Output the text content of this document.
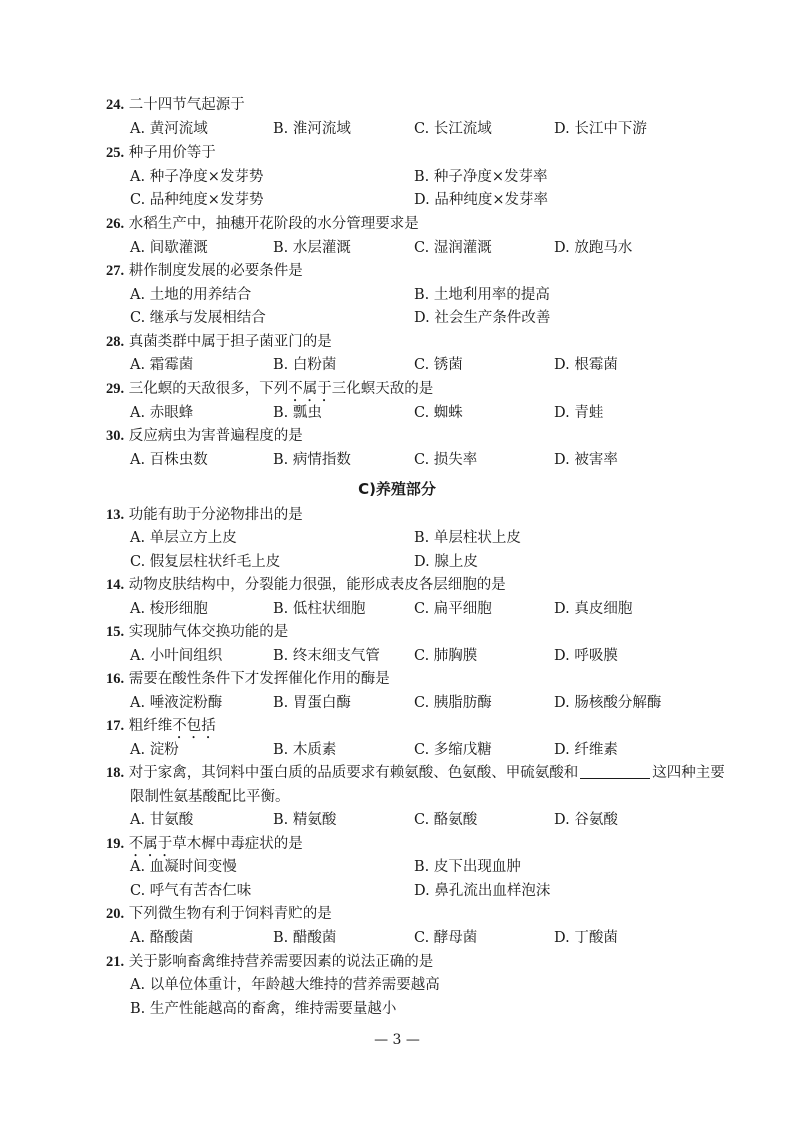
24. 二十四节气起源于
A. 黄河流域	B. 淮河流域	C. 长江流域	D. 长江中下游
25. 种子用价等于
A. 种子净度×发芽势	B. 种子净度×发芽率
C. 品种纯度×发芽势	D. 品种纯度×发芽率
26. 水稻生产中，抽穗开花阶段的水分管理要求是
A. 间歇灌溉	B. 水层灌溉	C. 湿润灌溉	D. 放跑马水
27. 耕作制度发展的必要条件是
A. 土地的用养结合	B. 土地利用率的提高
C. 继承与发展相结合	D. 社会生产条件改善
28. 真菌类群中属于担子菌亚门的是
A. 霜霉菌	B. 白粉菌	C. 锈菌	D. 根霉菌
29. 三化螟的天敌很多，下列不属于三化螟天敌的是
A. 赤眼蜂	B. 瓢虫	C. 蜘蛛	D. 青蛙
30. 反应病虫为害普遍程度的是
A. 百株虫数	B. 病情指数	C. 损失率	D. 被害率
C)养殖部分
13. 功能有助于分泌物排出的是
A. 单层立方上皮	B. 单层柱状上皮
C. 假复层柱状纤毛上皮	D. 腺上皮
14. 动物皮肤结构中，分裂能力很强，能形成表皮各层细胞的是
A. 梭形细胞	B. 低柱状细胞	C. 扁平细胞	D. 真皮细胞
15. 实现肺气体交换功能的是
A. 小叶间组织	B. 终末细支气管 C. 肺胸膜	D. 呼吸膜
16. 需要在酸性条件下才发挥催化作用的酶是
A. 唾液淀粉酶	B. 胃蛋白酶	C. 胰脂肪酶	D. 肠核酸分解酶
17. 粗纤维不包括
A. 淀粉	B. 木质素	C. 多缩戊糖	D. 纤维素
18. 对于家禽，其饲料中蛋白质的品质要求有赖氨酸、色氨酸、甲硫氨酸和	这四种主要
限制性氨基酸配比平衡。
A. 甘氨酸	B. 精氨酸	C. 酪氨酸	D. 谷氨酸
19. 不属于草木樨中毒症状的是
A. 血凝时间变慢	B. 皮下出现血肿
C. 呼气有苦杏仁味	D. 鼻孔流出血样泡沫
20. 下列微生物有利于饲料青贮的是
A. 酪酸菌	B. 醋酸菌	C. 酵母菌	D. 丁酸菌
21. 关于影响畜禽维持营养需要因素的说法正确的是
A. 以单位体重计，年龄越大维持的营养需要越高
B. 生产性能越高的畜禽，维持需要量越小
— 3 —
